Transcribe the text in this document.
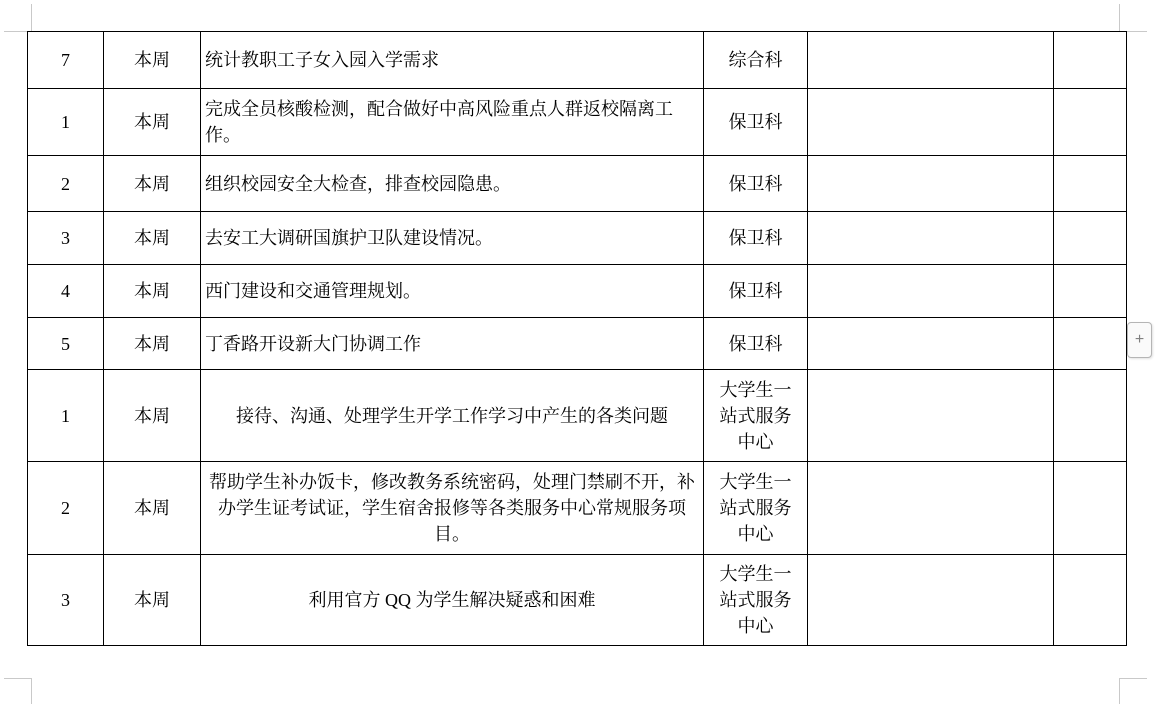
7	本周	统计教职工子女入园入学需求	综合科		
1	本周	完成全员核酸检测，配合做好中高风险重点人群返校隔离工作。	保卫科		
2	本周	组织校园安全大检查，排查校园隐患。	保卫科		
3	本周	去安工大调研国旗护卫队建设情况。	保卫科		
4	本周	西门建设和交通管理规划。	保卫科		
5	本周	丁香路开设新大门协调工作	保卫科		
1	本周	接待、沟通、处理学生开学工作学习中产生的各类问题	大学生一站式服务中心		
2	本周	帮助学生补办饭卡，修改教务系统密码，处理门禁刷不开，补办学生证考试证，学生宿舍报修等各类服务中心常规服务项目。	大学生一站式服务中心		
3	本周	利用官方 QQ 为学生解决疑惑和困难	大学生一站式服务中心		
+
